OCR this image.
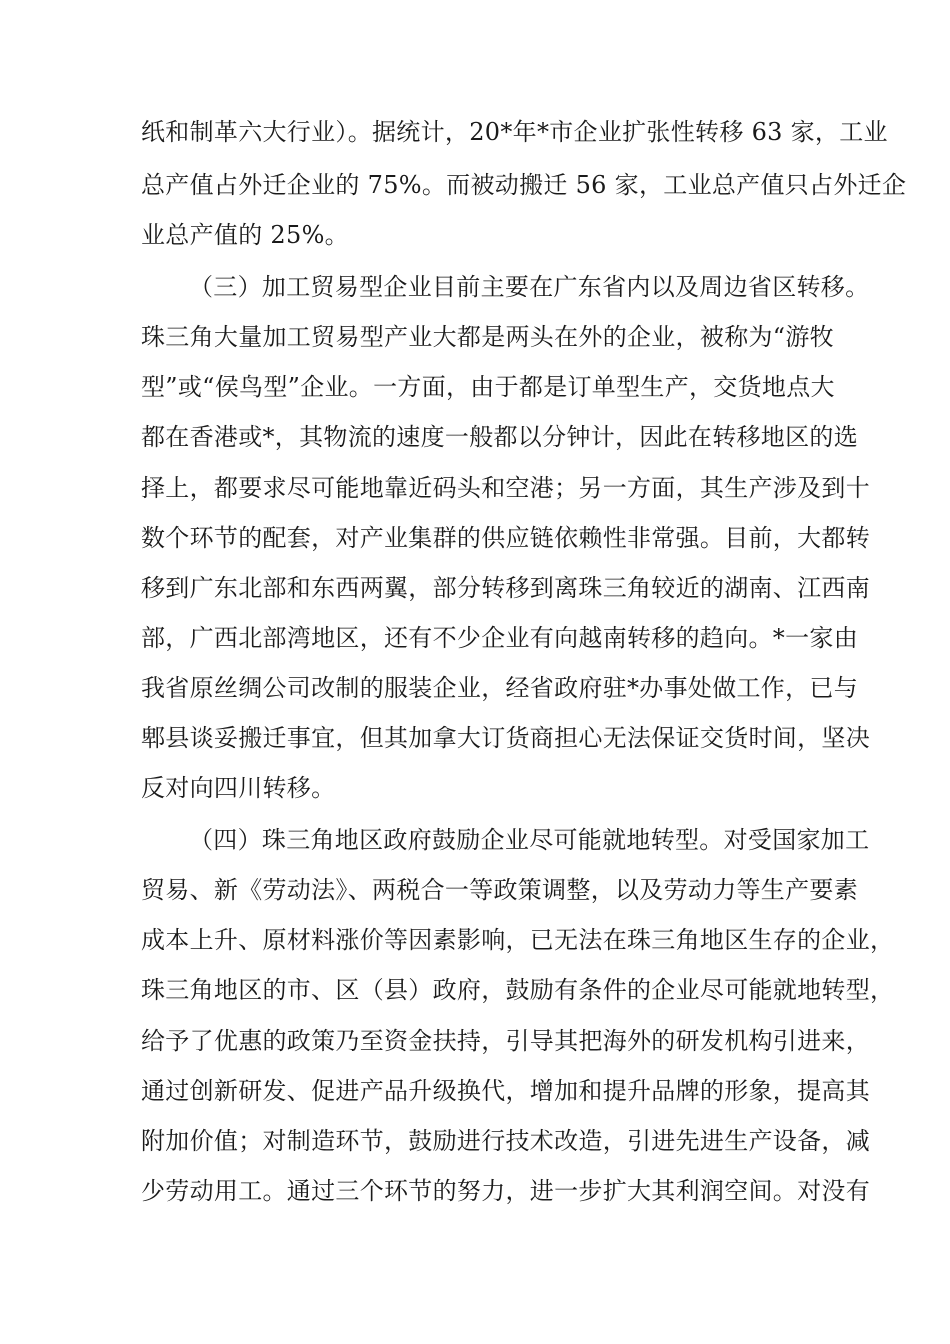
纸和制革六大行业）。据统计，20*年*市企业扩张性转移 63 家，工业
总产值占外迁企业的 75%。而被动搬迁 56 家，工业总产值只占外迁企
业总产值的 25%。
（三）加工贸易型企业目前主要在广东省内以及周边省区转移。
珠三角大量加工贸易型产业大都是两头在外的企业，被称为“游牧
型”或“侯鸟型”企业。一方面，由于都是订单型生产，交货地点大
都在香港或*，其物流的速度一般都以分钟计，因此在转移地区的选
择上，都要求尽可能地靠近码头和空港；另一方面，其生产涉及到十
数个环节的配套，对产业集群的供应链依赖性非常强。目前，大都转
移到广东北部和东西两翼，部分转移到离珠三角较近的湖南、江西南
部，广西北部湾地区，还有不少企业有向越南转移的趋向。*一家由
我省原丝绸公司改制的服装企业，经省政府驻*办事处做工作，已与
郫县谈妥搬迁事宜，但其加拿大订货商担心无法保证交货时间，坚决
反对向四川转移。
（四）珠三角地区政府鼓励企业尽可能就地转型。对受国家加工
贸易、新《劳动法》、两税合一等政策调整，以及劳动力等生产要素
成本上升、原材料涨价等因素影响，已无法在珠三角地区生存的企业，
珠三角地区的市、区（县）政府，鼓励有条件的企业尽可能就地转型，
给予了优惠的政策乃至资金扶持，引导其把海外的研发机构引进来，
通过创新研发、促进产品升级换代，增加和提升品牌的形象，提高其
附加价值；对制造环节，鼓励进行技术改造，引进先进生产设备，减
少劳动用工。通过三个环节的努力，进一步扩大其利润空间。对没有
